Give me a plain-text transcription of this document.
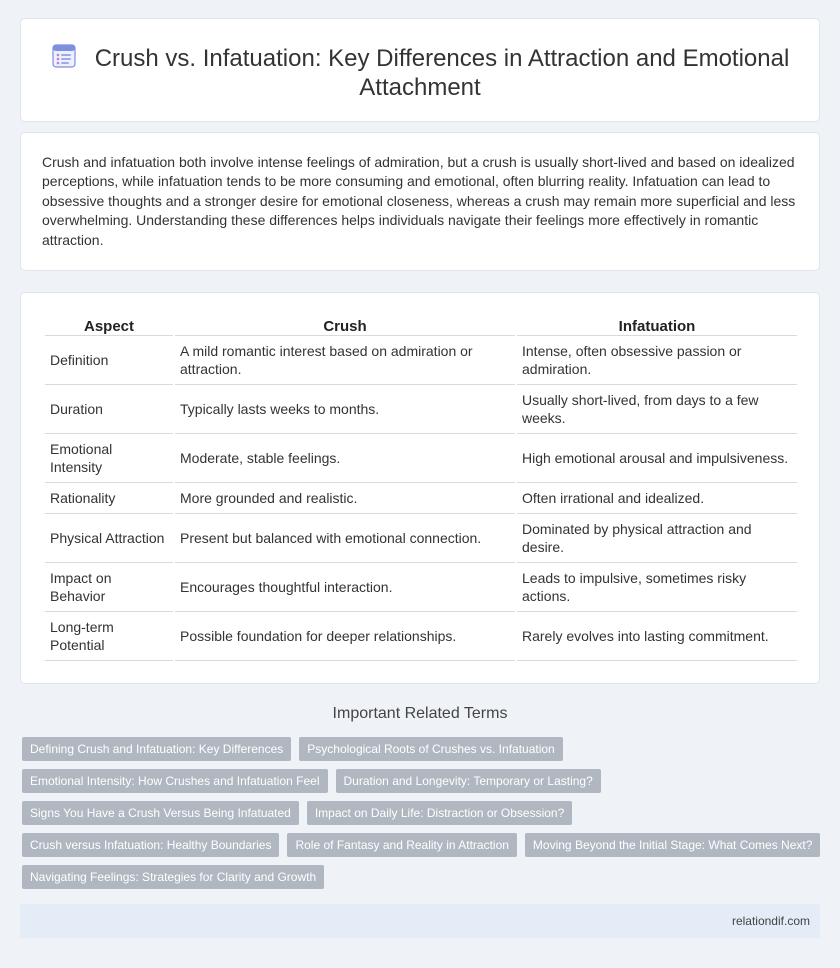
Crush vs. Infatuation: Key Differences in Attraction and Emotional Attachment

Crush and infatuation both involve intense feelings of admiration, but a crush is usually short-lived and based on idealized perceptions, while infatuation tends to be more consuming and emotional, often blurring reality. Infatuation can lead to obsessive thoughts and a stronger desire for emotional closeness, whereas a crush may remain more superficial and less overwhelming. Understanding these differences helps individuals navigate their feelings more effectively in romantic attraction.

Aspect	Crush	Infatuation
Definition	A mild romantic interest based on admiration or attraction.	Intense, often obsessive passion or admiration.
Duration	Typically lasts weeks to months.	Usually short-lived, from days to a few weeks.
Emotional Intensity	Moderate, stable feelings.	High emotional arousal and impulsiveness.
Rationality	More grounded and realistic.	Often irrational and idealized.
Physical Attraction	Present but balanced with emotional connection.	Dominated by physical attraction and desire.
Impact on Behavior	Encourages thoughtful interaction.	Leads to impulsive, sometimes risky actions.
Long-term Potential	Possible foundation for deeper relationships.	Rarely evolves into lasting commitment.
Important Related Terms
Defining Crush and Infatuation: Key Differences	Psychological Roots of Crushes vs. Infatuation
Emotional Intensity: How Crushes and Infatuation Feel	Duration and Longevity: Temporary or Lasting?
Signs You Have a Crush Versus Being Infatuated	Impact on Daily Life: Distraction or Obsession?
Crush versus Infatuation: Healthy Boundaries	Role of Fantasy and Reality in Attraction	Moving Beyond the Initial Stage: What Comes Next?
Navigating Feelings: Strategies for Clarity and Growth
relationdif.com
